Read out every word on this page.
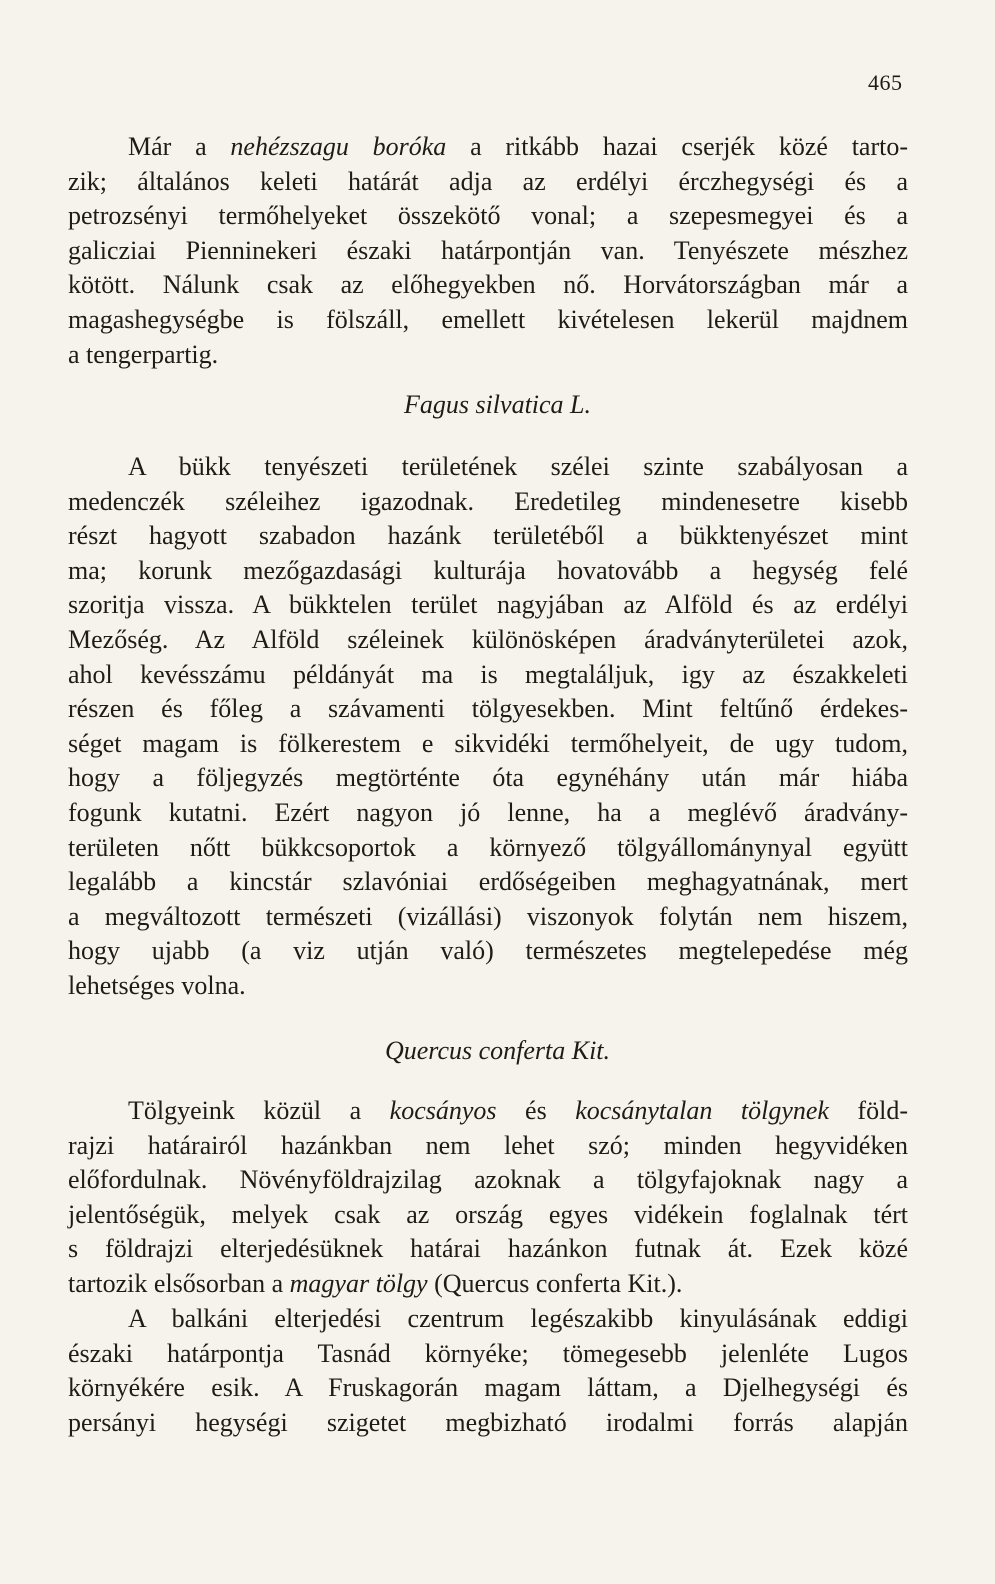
465
Már a nehézszagu boróka a ritkább hazai cserjék közé tarto-
zik; általános keleti határát adja az erdélyi érczhegységi és a
petrozsényi termőhelyeket összekötő vonal; a szepesmegyei és a
galicziai Pienninekeri északi határpontján van. Tenyészete mészhez
kötött. Nálunk csak az előhegyekben nő. Horvátországban már a
magashegységbe is fölszáll, emellett kivételesen lekerül majdnem
a tengerpartig.
Fagus silvatica L.
A bükk tenyészeti területének szélei szinte szabályosan a
medenczék széleihez igazodnak. Eredetileg mindenesetre kisebb
részt hagyott szabadon hazánk területéből a bükktenyészet mint
ma; korunk mezőgazdasági kulturája hovatovább a hegység felé
szoritja vissza. A bükktelen terület nagyjában az Alföld és az erdélyi
Mezőség. Az Alföld széleinek különösképen áradványterületei azok,
ahol kevésszámu példányát ma is megtaláljuk, igy az északkeleti
részen és főleg a szávamenti tölgyesekben. Mint feltűnő érdekes-
séget magam is fölkerestem e sikvidéki termőhelyeit, de ugy tudom,
hogy a följegyzés megtörténte óta egynéhány után már hiába
fogunk kutatni. Ezért nagyon jó lenne, ha a meglévő áradvány-
területen nőtt bükkcsoportok a környező tölgyállománynyal együtt
legalább a kincstár szlavóniai erdőségeiben meghagyatnának, mert
a megváltozott természeti (vizállási) viszonyok folytán nem hiszem,
hogy ujabb (a viz utján való) természetes megtelepedése még
lehetséges volna.
Quercus conferta Kit.
Tölgyeink közül a kocsányos és kocsánytalan tölgynek föld-
rajzi határairól hazánkban nem lehet szó; minden hegyvidéken
előfordulnak. Növényföldrajzilag azoknak a tölgyfajoknak nagy a
jelentőségük, melyek csak az ország egyes vidékein foglalnak tért
s földrajzi elterjedésüknek határai hazánkon futnak át. Ezek közé
tartozik elsősorban a magyar tölgy (Quercus conferta Kit.).
A balkáni elterjedési czentrum legészakibb kinyulásának eddigi
északi határpontja Tasnád környéke; tömegesebb jelenléte Lugos
környékére esik. A Fruskagorán magam láttam, a Djelhegységi és
persányi hegységi szigetet megbizható irodalmi forrás alapján
